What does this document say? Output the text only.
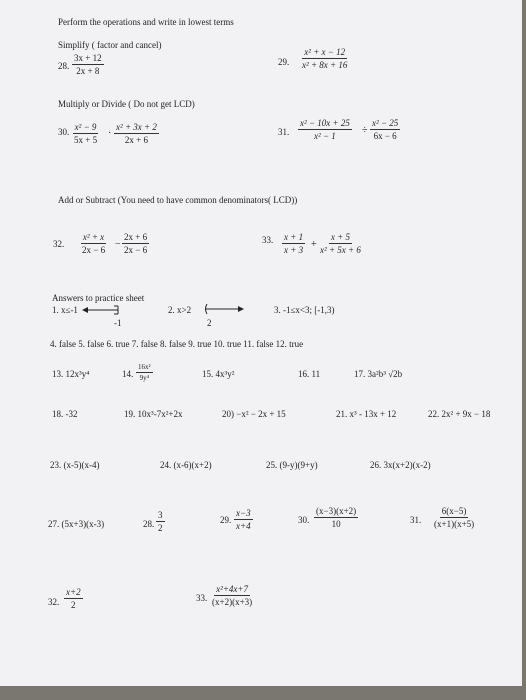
Perform the operations and write in lowest terms
Simplify ( factor and cancel)
28. $\frac{3x + 12}{2x + 8}$	29. $\frac{\text{x² + x − 12}}{\text{x² + 8x + 16}}$
Multiply or Divide ( Do not get LCD)
30. $\frac{\text{x² − 9}}{5x + 5} \cdot \frac{\text{x² + 3x + 2}}{2x + 6}$	31. $\frac{\text{x² − 10x + 25}}{\text{x² − 1}} \div \frac{\text{x² − 25}}{6x - 6}$
Add or Subtract (You need to have common denominators( LCD))
32. $\frac{\text{x² + x}}{2x - 6} - \frac{2x + 6}{2x - 6}$	33. $\frac{x + 1}{x + 3} + \frac{x + 5}{\text{x² + 5x + 6}}$
Answers to practice sheet
1. x≤-1
-1
2. x>2
2
3. -1≤x<3; [-1,3)
4. false 5. false 6. true 7. false 8. false 9. true 10. true 11. false 12. true
13. 12x³y⁴	14. $\frac{\text{16x²}}{\text{9y⁴}}$	15. 4x³y²	16. 11	17. 3a²b³ √2b
18. -32	19. 10x³-7x²+2x	20) −x² − 2x + 15	21. x³ - 13x + 12	22. 2x² + 9x − 18
23. (x-5)(x-4)	24. (x-6)(x+2)	25. (9-y)(9+y)	26. 3x(x+2)(x-2)
27. (5x+3)(x-3)	28. $\frac{3}{2}$	29. $\frac{x-3}{x+4}$	30. $\frac{(x-3)(x+2)}{10}$	31. $\frac{6(x-5)}{(x+1)(x+5)}$
32. $\frac{x+2}{2}$	33. $\frac{\text{x²+4x+7}}{(x+2)(x+3)}$
